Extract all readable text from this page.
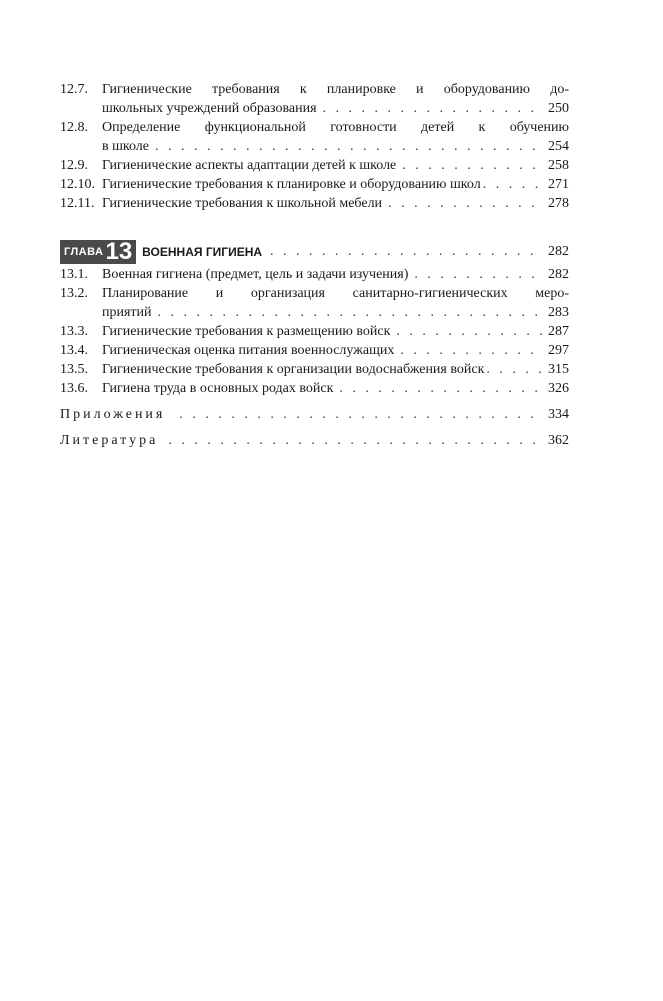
12.7.	Гигиенические требования к планировке и оборудованию до-
школьных учреждений образования . . .	250
12.8.	Определение функциональной готовности детей к обучению
в школе . . .	254
12.9.	Гигиенические аспекты адаптации детей к школе . . .	258
12.10. Гигиенические требования к планировке и оборудованию школ . . .	271
12.11. Гигиенические требования к школьной мебели . . .	278
ГЛАВА 13 ВОЕННАЯ ГИГИЕНА . . .	282
13.1.	Военная гигиена (предмет, цель и задачи изучения) . . .	282
13.2.	Планирование и организация санитарно-гигиенических меро-
приятий . . .	283
13.3.	Гигиенические требования к размещению войск . . .	287
13.4.	Гигиеническая оценка питания военнослужащих . . .	297
13.5.	Гигиенические требования к организации водоснабжения войск . . .	315
13.6.	Гигиена труда в основных родах войск . . .	326
Приложения . . .	334
Литература . . .	362
